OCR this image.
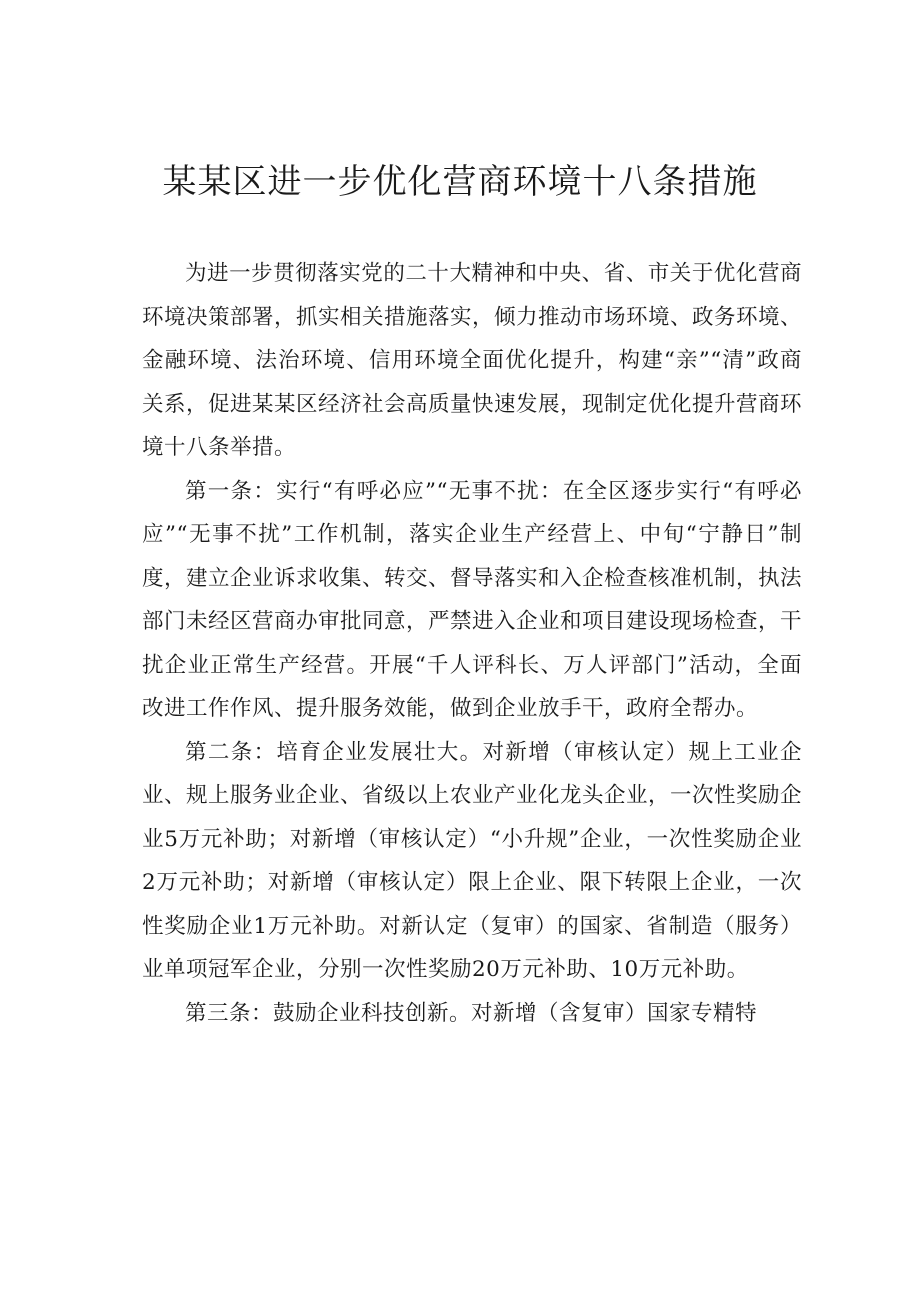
某某区进一步优化营商环境十八条措施

为进一步贯彻落实党的二十大精神和中央、省、市关于优化营商环境决策部署，抓实相关措施落实，倾力推动市场环境、政务环境、金融环境、法治环境、信用环境全面优化提升，构建“亲”“清”政商关系，促进某某区经济社会高质量快速发展，现制定优化提升营商环境十八条举措。

第一条：实行“有呼必应”“无事不扰：在全区逐步实行“有呼必应”“无事不扰”工作机制，落实企业生产经营上、中旬“宁静日”制度，建立企业诉求收集、转交、督导落实和入企检查核准机制，执法部门未经区营商办审批同意，严禁进入企业和项目建设现场检查，干扰企业正常生产经营。开展“千人评科长、万人评部门”活动，全面改进工作作风、提升服务效能，做到企业放手干，政府全帮办。

第二条：培育企业发展壮大。对新增（审核认定）规上工业企业、规上服务业企业、省级以上农业产业化龙头企业，一次性奖励企业5万元补助；对新增（审核认定）“小升规”企业，一次性奖励企业2万元补助；对新增（审核认定）限上企业、限下转限上企业，一次性奖励企业1万元补助。对新认定（复审）的国家、省制造（服务）业单项冠军企业，分别一次性奖励20万元补助、10万元补助。

第三条：鼓励企业科技创新。对新增（含复审）国家专精特
